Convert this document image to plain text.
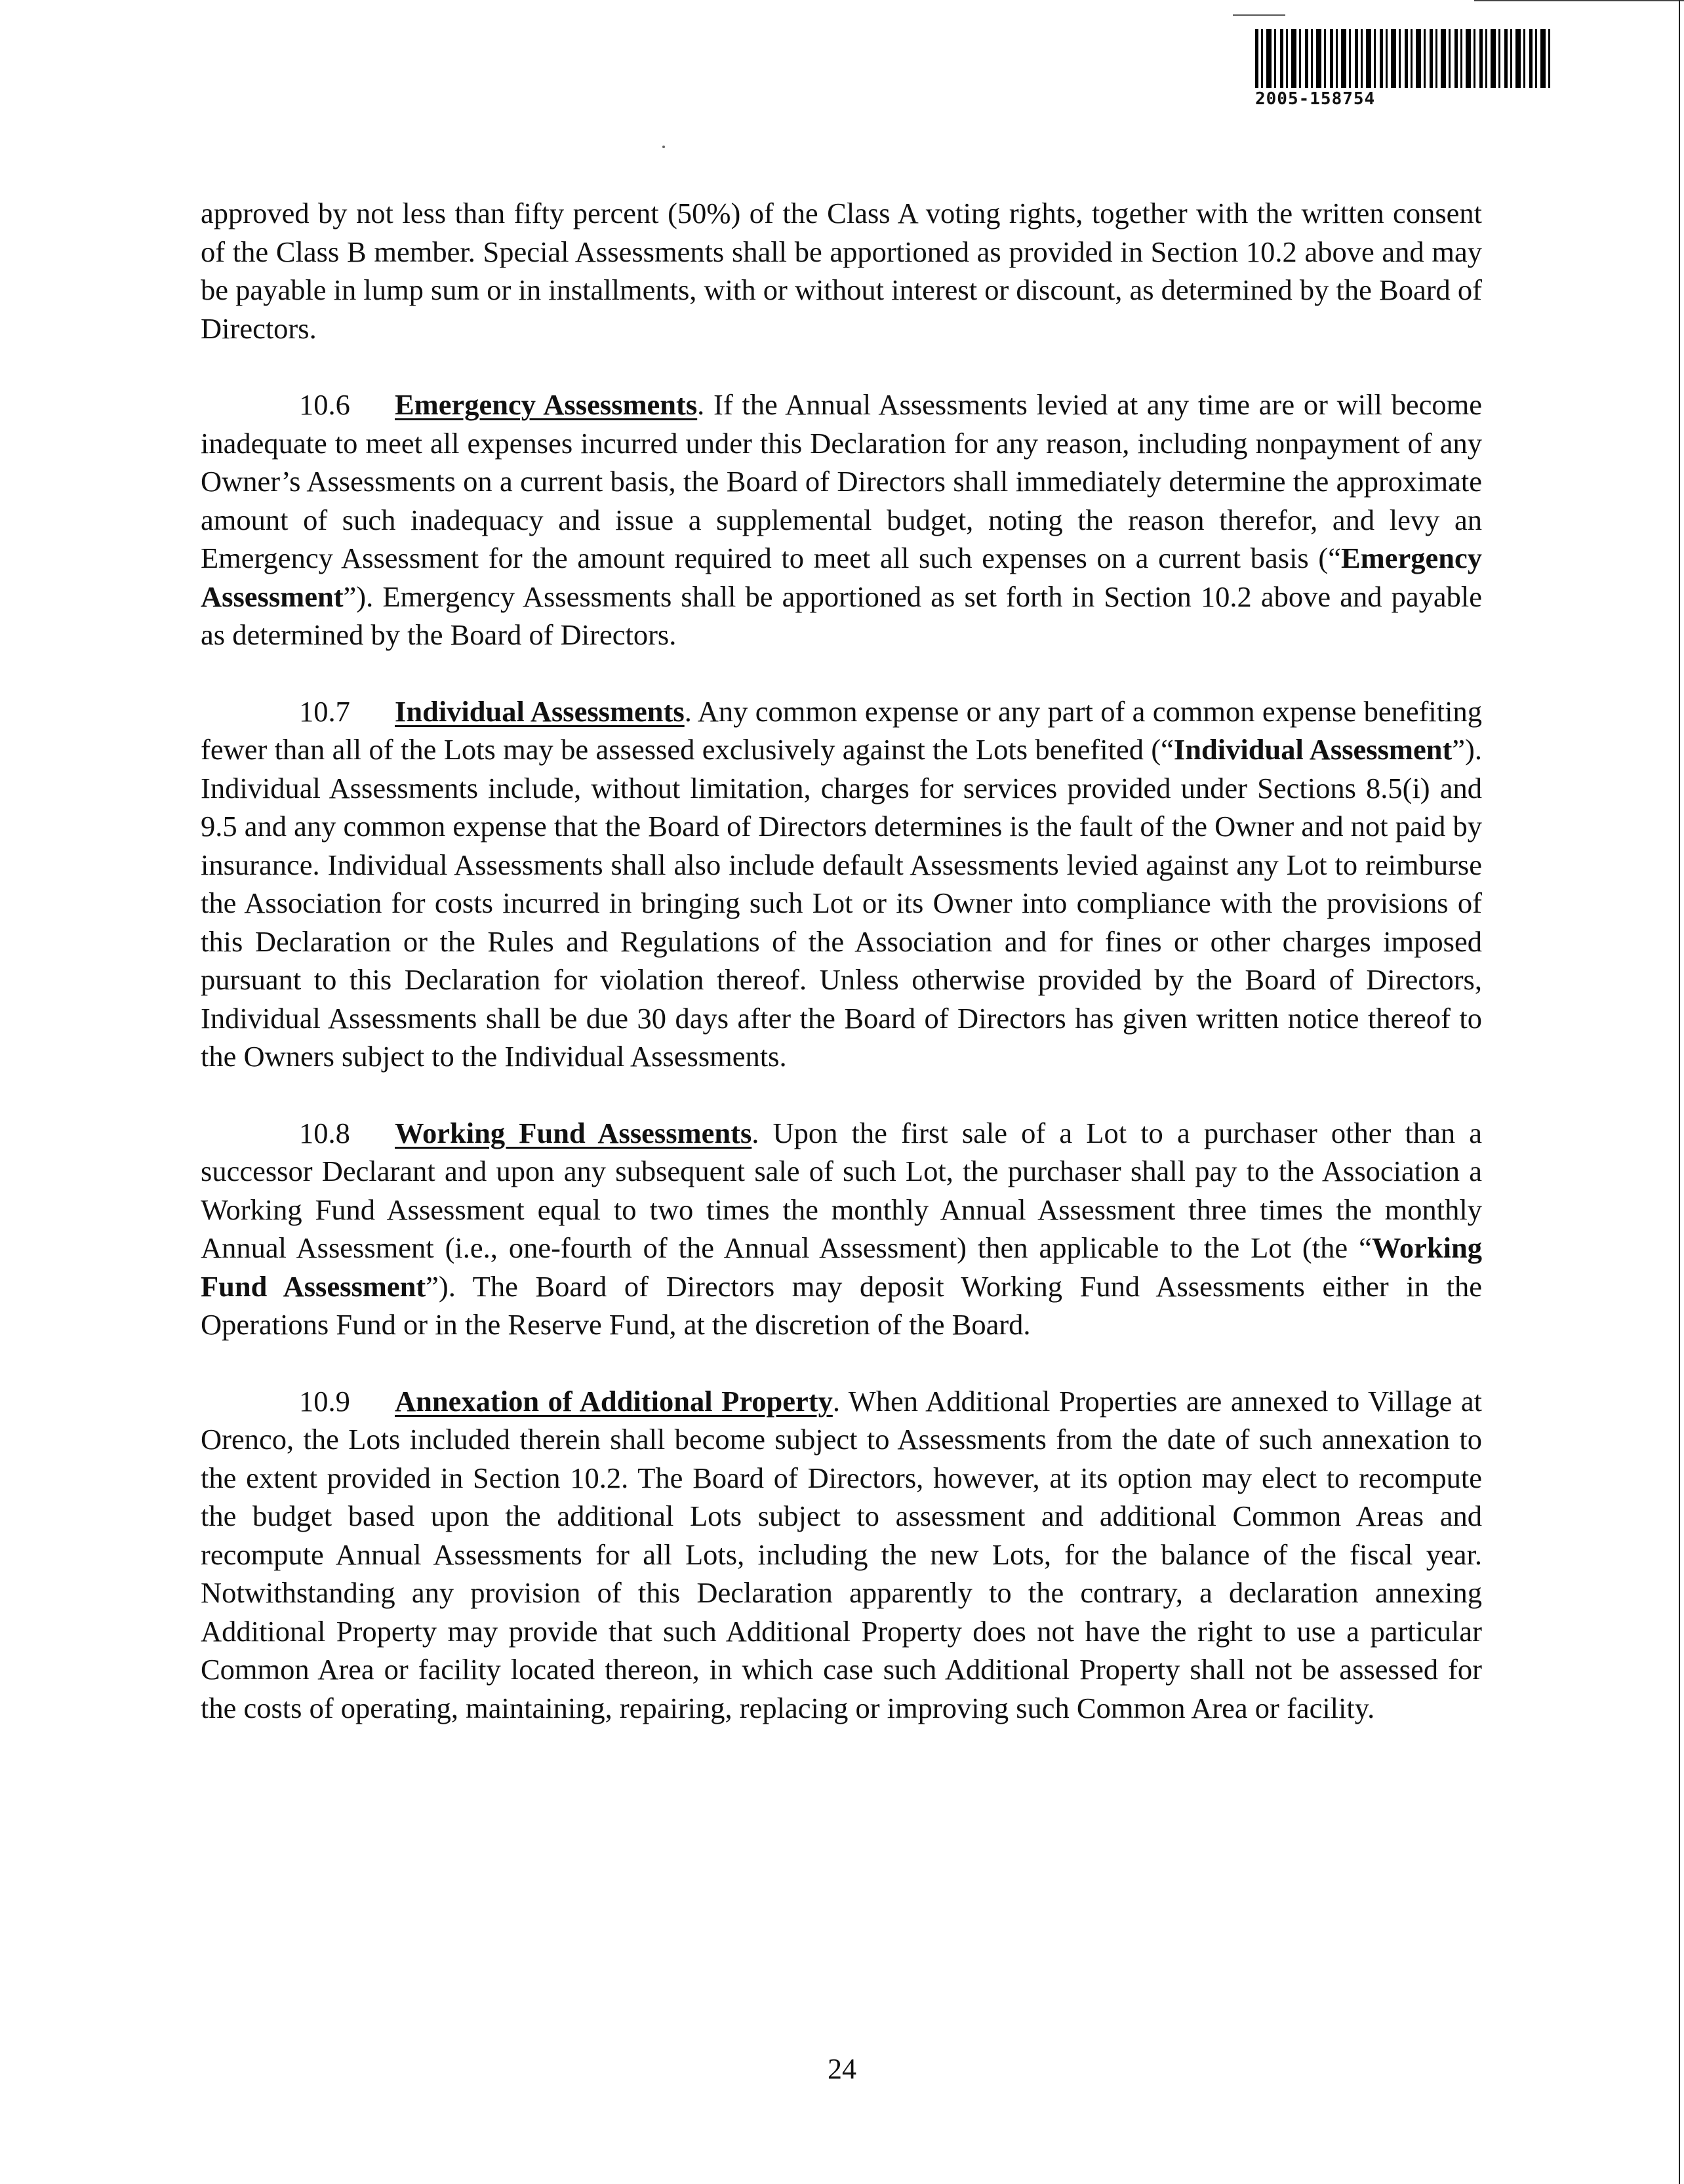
2005-158754

approved by not less than fifty percent (50%) of the Class A voting rights, together with the written consent of the Class B member. Special Assessments shall be apportioned as provided in Section 10.2 above and may be payable in lump sum or in installments, with or without interest or discount, as determined by the Board of Directors.

10.6 Emergency Assessments. If the Annual Assessments levied at any time are or will become inadequate to meet all expenses incurred under this Declaration for any reason, including nonpayment of any Owner’s Assessments on a current basis, the Board of Directors shall immediately determine the approximate amount of such inadequacy and issue a supplemental budget, noting the reason therefor, and levy an Emergency Assessment for the amount required to meet all such expenses on a current basis (“Emergency Assessment”). Emergency Assessments shall be apportioned as set forth in Section 10.2 above and payable as determined by the Board of Directors.

10.7 Individual Assessments. Any common expense or any part of a common expense benefiting fewer than all of the Lots may be assessed exclusively against the Lots benefited (“Individual Assessment”). Individual Assessments include, without limitation, charges for services provided under Sections 8.5(i) and 9.5 and any common expense that the Board of Directors determines is the fault of the Owner and not paid by insurance. Individual Assessments shall also include default Assessments levied against any Lot to reimburse the Association for costs incurred in bringing such Lot or its Owner into compliance with the provisions of this Declaration or the Rules and Regulations of the Association and for fines or other charges imposed pursuant to this Declaration for violation thereof. Unless otherwise provided by the Board of Directors, Individual Assessments shall be due 30 days after the Board of Directors has given written notice thereof to the Owners subject to the Individual Assessments.

10.8 Working Fund Assessments. Upon the first sale of a Lot to a purchaser other than a successor Declarant and upon any subsequent sale of such Lot, the purchaser shall pay to the Association a Working Fund Assessment equal to two times the monthly Annual Assessment three times the monthly Annual Assessment (i.e., one-fourth of the Annual Assessment) then applicable to the Lot (the “Working Fund Assessment”). The Board of Directors may deposit Working Fund Assessments either in the Operations Fund or in the Reserve Fund, at the discretion of the Board.

10.9 Annexation of Additional Property. When Additional Properties are annexed to Village at Orenco, the Lots included therein shall become subject to Assessments from the date of such annexation to the extent provided in Section 10.2. The Board of Directors, however, at its option may elect to recompute the budget based upon the additional Lots subject to assessment and additional Common Areas and recompute Annual Assessments for all Lots, including the new Lots, for the balance of the fiscal year. Notwithstanding any provision of this Declaration apparently to the contrary, a declaration annexing Additional Property may provide that such Additional Property does not have the right to use a particular Common Area or facility located thereon, in which case such Additional Property shall not be assessed for the costs of operating, maintaining, repairing, replacing or improving such Common Area or facility.

24
